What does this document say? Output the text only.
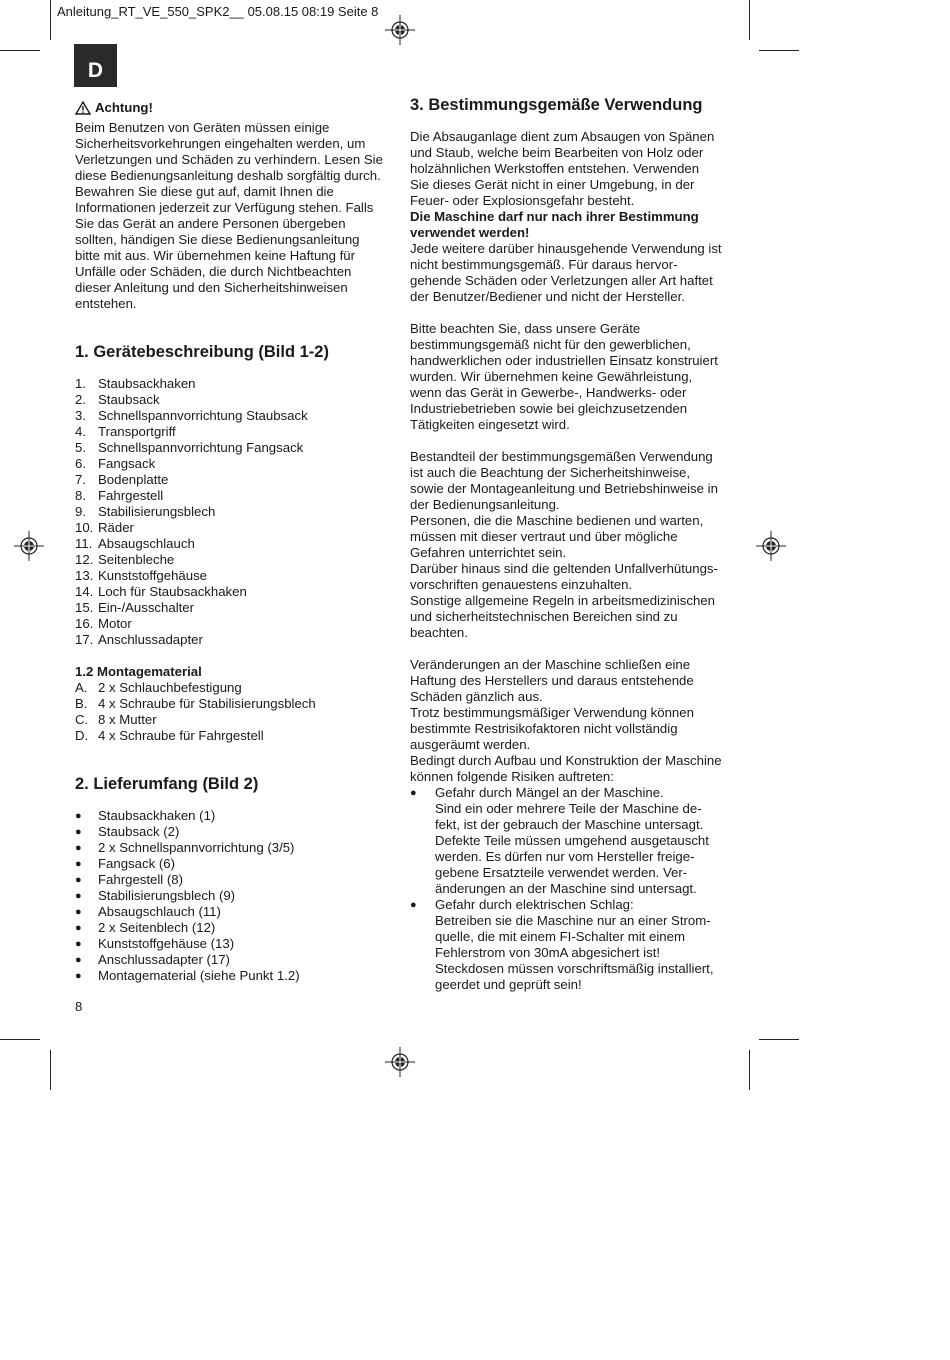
Anleitung_RT_VE_550_SPK2__ 05.08.15 08:19 Seite 8
D
Achtung!
Beim Benutzen von Geräten müssen einige
Sicherheitsvorkehrungen eingehalten werden, um
Verletzungen und Schäden zu verhindern. Lesen Sie
diese Bedienungsanleitung deshalb sorgfältig durch.
Bewahren Sie diese gut auf, damit Ihnen die
Informationen jederzeit zur Verfügung stehen. Falls
Sie das Gerät an andere Personen übergeben
sollten, händigen Sie diese Bedienungsanleitung
bitte mit aus. Wir übernehmen keine Haftung für
Unfälle oder Schäden, die durch Nichtbeachten
dieser Anleitung und den Sicherheitshinweisen
entstehen.
1. Gerätebeschreibung (Bild 1-2)
1. Staubsackhaken
2. Staubsack
3. Schnellspannvorrichtung Staubsack
4. Transportgriff
5. Schnellspannvorrichtung Fangsack
6. Fangsack
7. Bodenplatte
8. Fahrgestell
9. Stabilisierungsblech
10. Räder
11. Absaugschlauch
12. Seitenbleche
13. Kunststoffgehäuse
14. Loch für Staubsackhaken
15. Ein-/Ausschalter
16. Motor
17. Anschlussadapter
1.2 Montagematerial
A. 2 x Schlauchbefestigung
B. 4 x Schraube für Stabilisierungsblech
C. 8 x Mutter
D. 4 x Schraube für Fahrgestell
2. Lieferumfang (Bild 2)
●	Staubsackhaken (1)
●	Staubsack (2)
●	2 x Schnellspannvorrichtung (3/5)
●	Fangsack (6)
●	Fahrgestell (8)
●	Stabilisierungsblech (9)
●	Absaugschlauch (11)
●	2 x Seitenblech (12)
●	Kunststoffgehäuse (13)
●	Anschlussadapter (17)
●	Montagematerial (siehe Punkt 1.2)
8
3. Bestimmungsgemäße Verwendung
Die Absauganlage dient zum Absaugen von Spänen
und Staub, welche beim Bearbeiten von Holz oder
holzähnlichen Werkstoffen entstehen. Verwenden
Sie dieses Gerät nicht in einer Umgebung, in der
Feuer- oder Explosionsgefahr besteht.
Die Maschine darf nur nach ihrer Bestimmung
verwendet werden!
Jede weitere darüber hinausgehende Verwendung ist
nicht bestimmungsgemäß. Für daraus hervor-
gehende Schäden oder Verletzungen aller Art haftet
der Benutzer/Bediener und nicht der Hersteller.
Bitte beachten Sie, dass unsere Geräte
bestimmungsgemäß nicht für den gewerblichen,
handwerklichen oder industriellen Einsatz konstruiert
wurden. Wir übernehmen keine Gewährleistung,
wenn das Gerät in Gewerbe-, Handwerks- oder
Industriebetrieben sowie bei gleichzusetzenden
Tätigkeiten eingesetzt wird.
Bestandteil der bestimmungsgemäßen Verwendung
ist auch die Beachtung der Sicherheitshinweise,
sowie der Montageanleitung und Betriebshinweise in
der Bedienungsanleitung.
Personen, die die Maschine bedienen und warten,
müssen mit dieser vertraut und über mögliche
Gefahren unterrichtet sein.
Darüber hinaus sind die geltenden Unfallverhütungs-
vorschriften genauestens einzuhalten.
Sonstige allgemeine Regeln in arbeitsmedizinischen
und sicherheitstechnischen Bereichen sind zu
beachten.
Veränderungen an der Maschine schließen eine
Haftung des Herstellers und daraus entstehende
Schäden gänzlich aus.
Trotz bestimmungsmäßiger Verwendung können
bestimmte Restrisikofaktoren nicht vollständig
ausgeräumt werden.
Bedingt durch Aufbau und Konstruktion der Maschine
können folgende Risiken auftreten:
●	Gefahr durch Mängel an der Maschine.
Sind ein oder mehrere Teile der Maschine de-
fekt, ist der gebrauch der Maschine untersagt.
Defekte Teile müssen umgehend ausgetauscht
werden. Es dürfen nur vom Hersteller freige-
gebene Ersatzteile verwendet werden. Ver-
änderungen an der Maschine sind untersagt.
●	Gefahr durch elektrischen Schlag:
Betreiben sie die Maschine nur an einer Strom-
quelle, die mit einem FI-Schalter mit einem
Fehlerstrom von 30mA abgesichert ist!
Steckdosen müssen vorschriftsmäßig installiert,
geerdet und geprüft sein!
